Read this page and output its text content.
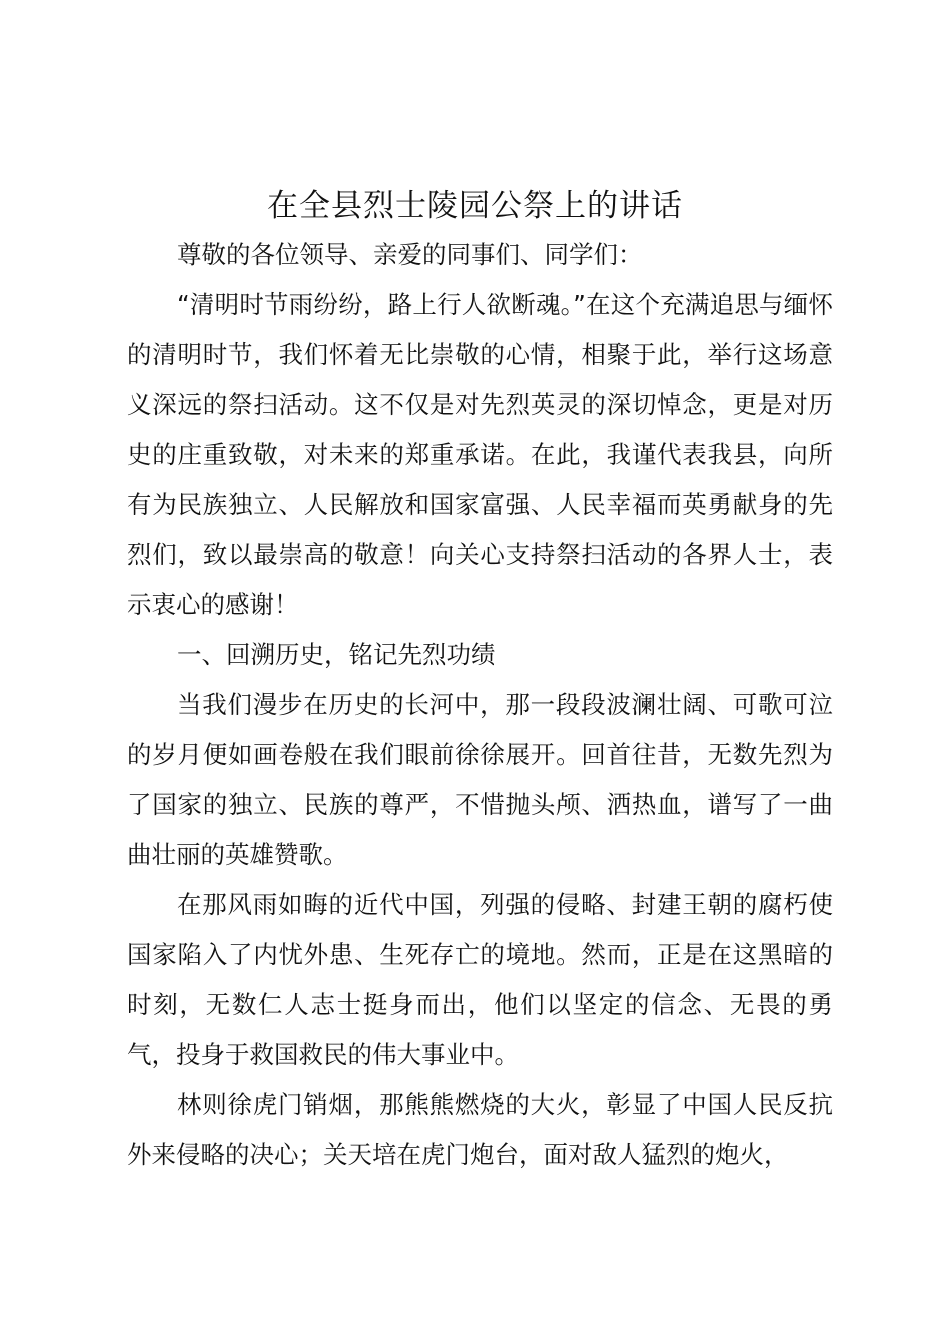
在全县烈士陵园公祭上的讲话

尊敬的各位领导、亲爱的同事们、同学们：

“清明时节雨纷纷，路上行人欲断魂。”在这个充满追思与缅怀的清明时节，我们怀着无比崇敬的心情，相聚于此，举行这场意义深远的祭扫活动。这不仅是对先烈英灵的深切悼念，更是对历史的庄重致敬，对未来的郑重承诺。在此，我谨代表我县，向所有为民族独立、人民解放和国家富强、人民幸福而英勇献身的先烈们，致以最崇高的敬意！向关心支持祭扫活动的各界人士，表示衷心的感谢！

一、回溯历史，铭记先烈功绩

当我们漫步在历史的长河中，那一段段波澜壮阔、可歌可泣的岁月便如画卷般在我们眼前徐徐展开。回首往昔，无数先烈为了国家的独立、民族的尊严，不惜抛头颅、洒热血，谱写了一曲曲壮丽的英雄赞歌。

在那风雨如晦的近代中国，列强的侵略、封建王朝的腐朽使国家陷入了内忧外患、生死存亡的境地。然而，正是在这黑暗的时刻，无数仁人志士挺身而出，他们以坚定的信念、无畏的勇气，投身于救国救民的伟大事业中。

林则徐虎门销烟，那熊熊燃烧的大火，彰显了中国人民反抗外来侵略的决心；关天培在虎门炮台，面对敌人猛烈的炮火，
